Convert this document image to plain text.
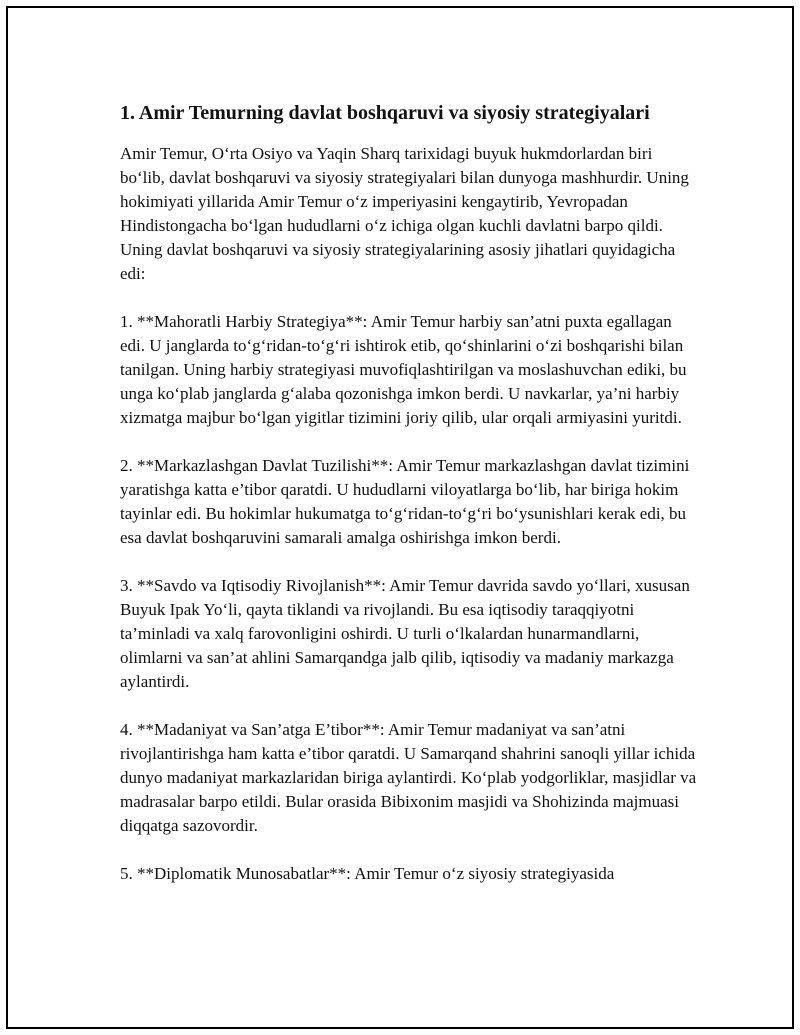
1. Amir Temurning davlat boshqaruvi va siyosiy strategiyalari

Amir Temur, O‘rta Osiyo va Yaqin Sharq tarixidagi buyuk hukmdorlardan biri bo‘lib, davlat boshqaruvi va siyosiy strategiyalari bilan dunyoga mashhurdir. Uning hokimiyati yillarida Amir Temur o‘z imperiyasini kengaytirib, Yevropadan Hindistongacha bo‘lgan hududlarni o‘z ichiga olgan kuchli davlatni barpo qildi. Uning davlat boshqaruvi va siyosiy strategiyalarining asosiy jihatlari quyidagicha edi:

1. **Mahoratli Harbiy Strategiya**: Amir Temur harbiy san’atni puxta egallagan edi. U janglarda to‘g‘ridan-to‘g‘ri ishtirok etib, qo‘shinlarini o‘zi boshqarishi bilan tanilgan. Uning harbiy strategiyasi muvofiqlashtirilgan va moslashuvchan ediki, bu unga ko‘plab janglarda g‘alaba qozonishga imkon berdi. U navkarlar, ya’ni harbiy xizmatga majbur bo‘lgan yigitlar tizimini joriy qilib, ular orqali armiyasini yuritdi.

2. **Markazlashgan Davlat Tuzilishi**: Amir Temur markazlashgan davlat tizimini yaratishga katta e’tibor qaratdi. U hududlarni viloyatlarga bo‘lib, har biriga hokim tayinlar edi. Bu hokimlar hukumatga to‘g‘ridan-to‘g‘ri bo‘ysunishlari kerak edi, bu esa davlat boshqaruvini samarali amalga oshirishga imkon berdi.

3. **Savdo va Iqtisodiy Rivojlanish**: Amir Temur davrida savdo yo‘llari, xususan Buyuk Ipak Yo‘li, qayta tiklandi va rivojlandi. Bu esa iqtisodiy taraqqiyotni ta’minladi va xalq farovonligini oshirdi. U turli o‘lkalardan hunarmandlarni, olimlarni va san’at ahlini Samarqandga jalb qilib, iqtisodiy va madaniy markazga aylantirdi.

4. **Madaniyat va San’atga E’tibor**: Amir Temur madaniyat va san’atni rivojlantirishga ham katta e’tibor qaratdi. U Samarqand shahrini sanoqli yillar ichida dunyo madaniyat markazlaridan biriga aylantirdi. Ko‘plab yodgorliklar, masjidlar va madrasalar barpo etildi. Bular orasida Bibixonim masjidi va Shohizinda majmuasi diqqatga sazovordir.

5. **Diplomatik Munosabatlar**: Amir Temur o‘z siyosiy strategiyasida
